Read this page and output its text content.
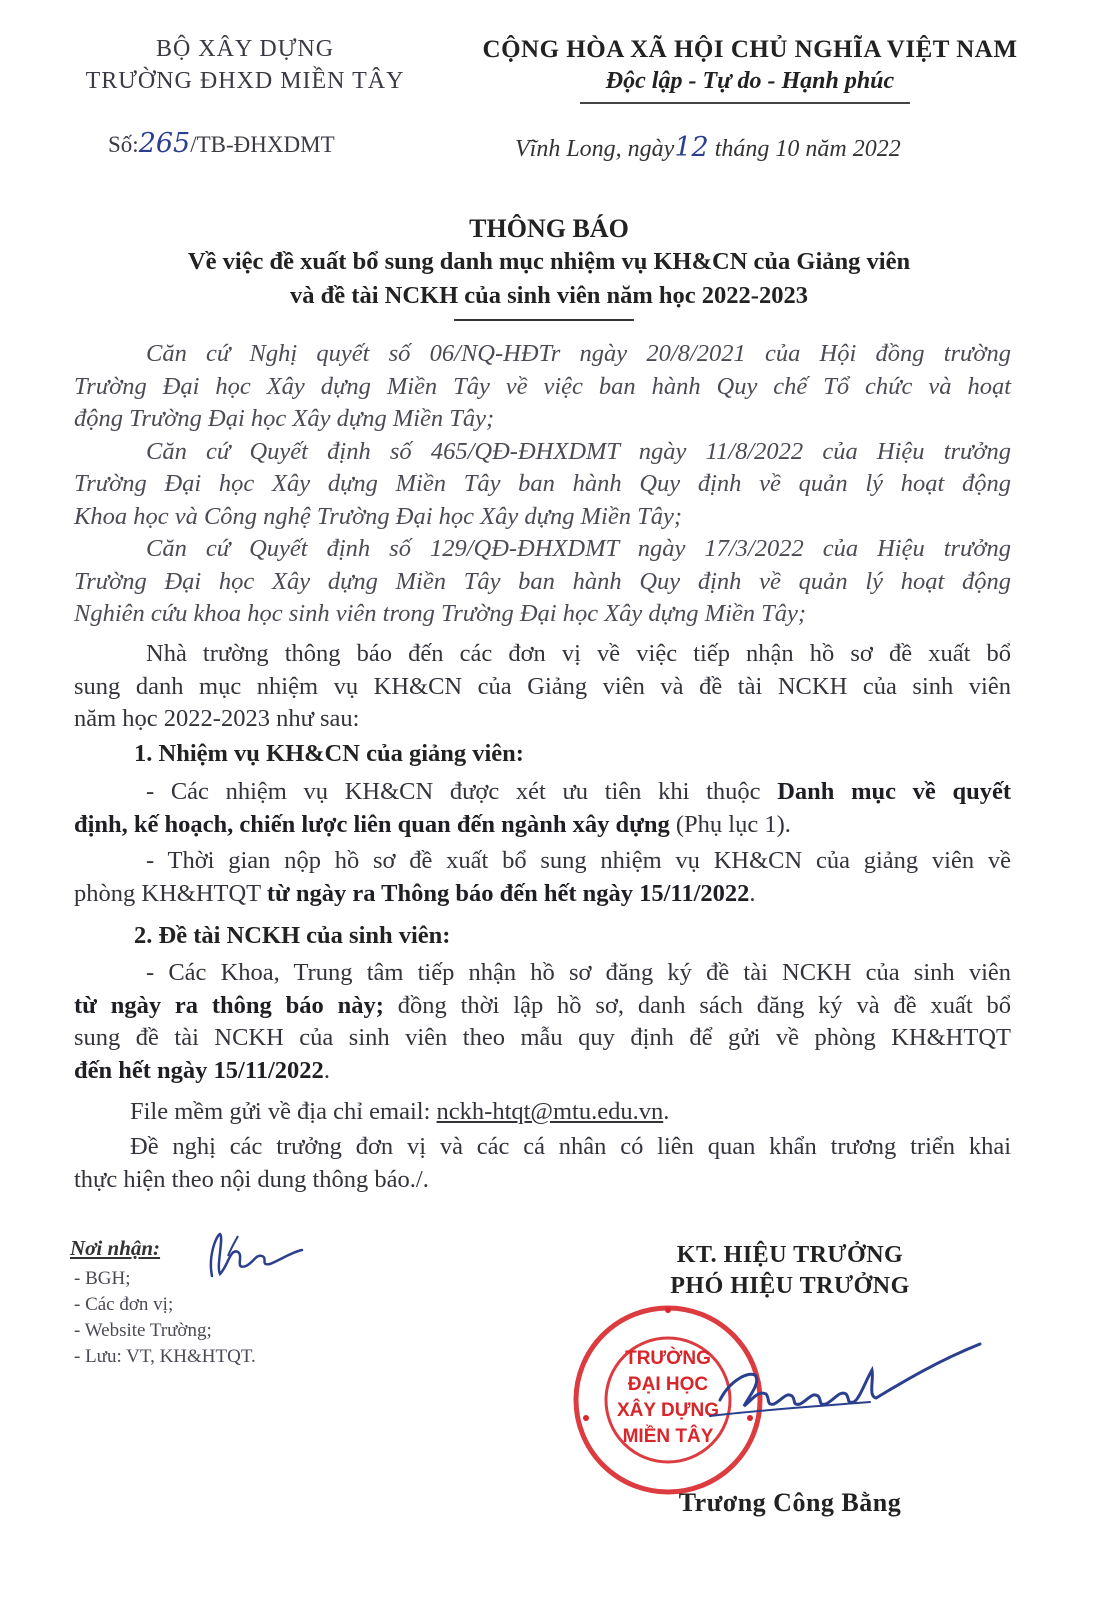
BỘ XÂY DỰNG
TRƯỜNG ĐHXD MIỀN TÂY
Số:265/TB-ĐHXDMT
CỘNG HÒA XÃ HỘI CHỦ NGHĨA VIỆT NAM
Độc lập - Tự do - Hạnh phúc
Vĩnh Long, ngày12 tháng 10 năm 2022
THÔNG BÁO
Về việc đề xuất bổ sung danh mục nhiệm vụ KH&CN của Giảng viên
và đề tài NCKH của sinh viên năm học 2022-2023
Căn cứ Nghị quyết số 06/NQ-HĐTr ngày 20/8/2021 của Hội đồng trường
Trường Đại học Xây dựng Miền Tây về việc ban hành Quy chế Tổ chức và hoạt
động Trường Đại học Xây dựng Miền Tây;
Căn cứ Quyết định số 465/QĐ-ĐHXDMT ngày 11/8/2022 của Hiệu trưởng
Trường Đại học Xây dựng Miền Tây ban hành Quy định về quản lý hoạt động
Khoa học và Công nghệ Trường Đại học Xây dựng Miền Tây;
Căn cứ Quyết định số 129/QĐ-ĐHXDMT ngày 17/3/2022 của Hiệu trưởng
Trường Đại học Xây dựng Miền Tây ban hành Quy định về quản lý hoạt động
Nghiên cứu khoa học sinh viên trong Trường Đại học Xây dựng Miền Tây;
Nhà trường thông báo đến các đơn vị về việc tiếp nhận hồ sơ đề xuất bổ
sung danh mục nhiệm vụ KH&CN của Giảng viên và đề tài NCKH của sinh viên
năm học 2022-2023 như sau:
1. Nhiệm vụ KH&CN của giảng viên:
- Các nhiệm vụ KH&CN được xét ưu tiên khi thuộc Danh mục về quyết
định, kế hoạch, chiến lược liên quan đến ngành xây dựng (Phụ lục 1).
- Thời gian nộp hồ sơ đề xuất bổ sung nhiệm vụ KH&CN của giảng viên về
phòng KH&HTQT từ ngày ra Thông báo đến hết ngày 15/11/2022.
2. Đề tài NCKH của sinh viên:
- Các Khoa, Trung tâm tiếp nhận hồ sơ đăng ký đề tài NCKH của sinh viên
từ ngày ra thông báo này; đồng thời lập hồ sơ, danh sách đăng ký và đề xuất bổ
sung đề tài NCKH của sinh viên theo mẫu quy định để gửi về phòng KH&HTQT
đến hết ngày 15/11/2022.
File mềm gửi về địa chỉ email: nckh-htqt@mtu.edu.vn.
Đề nghị các trưởng đơn vị và các cá nhân có liên quan khẩn trương triển khai
thực hiện theo nội dung thông báo./.
Nơi nhận:
- BGH;
- Các đơn vị;
- Website Trường;
- Lưu: VT, KH&HTQT.
KT. HIỆU TRƯỞNG
PHÓ HIỆU TRƯỞNG
TRƯỜNG
ĐẠI HỌC
XÂY DỰNG
MIỀN TÂY
Trương Công Bằng
